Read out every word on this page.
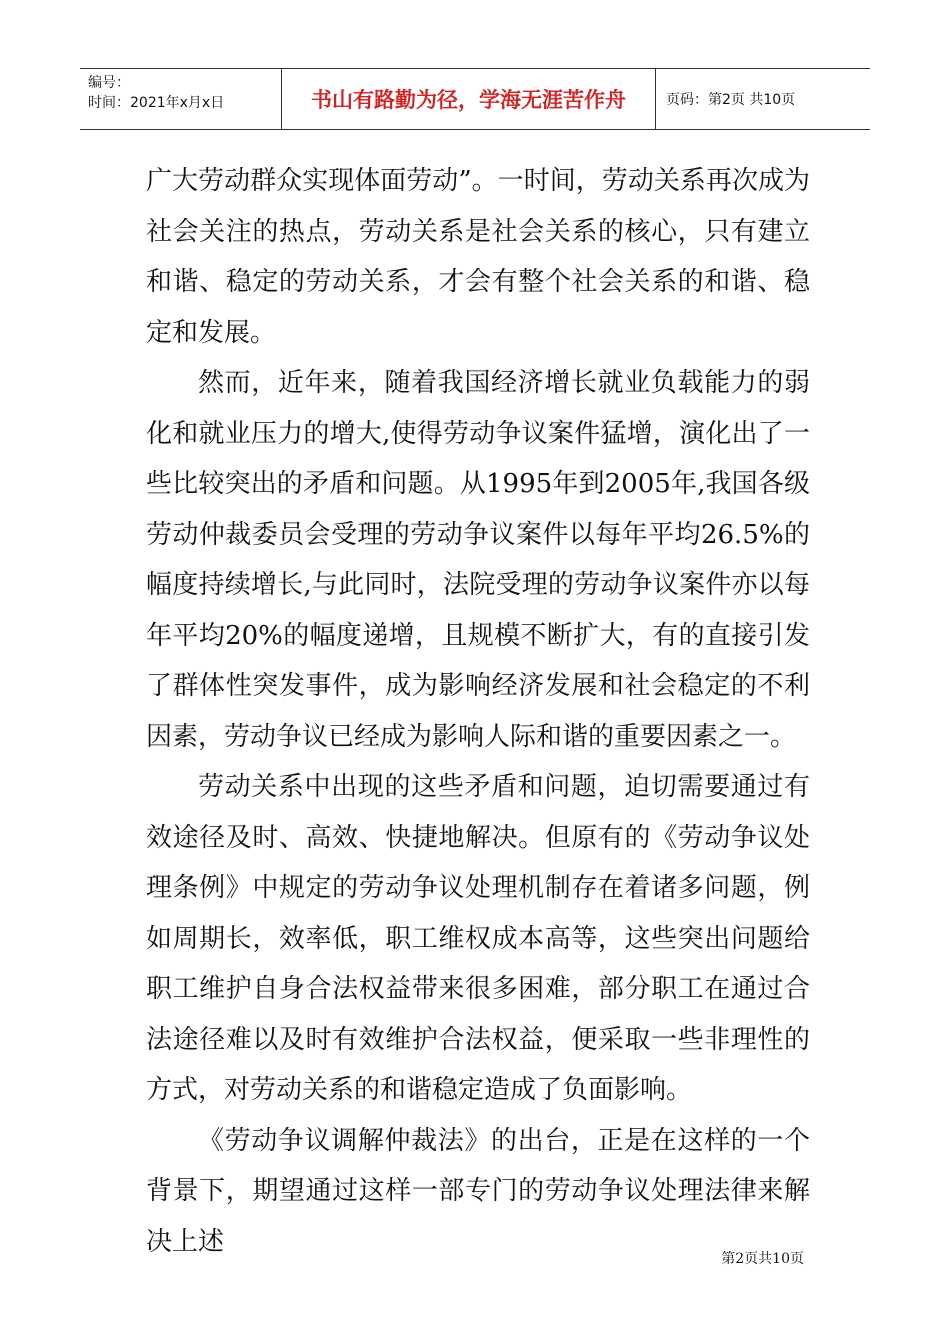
编号：
时间：2021年x月x日	书山有路勤为径，学海无涯苦作舟	页码：第2页 共10页

广大劳动群众实现体面劳动”。一时间，劳动关系再次成为社会关注的热点，劳动关系是社会关系的核心，只有建立和谐、稳定的劳动关系，才会有整个社会关系的和谐、稳定和发展。

然而，近年来，随着我国经济增长就业负载能力的弱化和就业压力的增大,使得劳动争议案件猛增，演化出了一些比较突出的矛盾和问题。从1995年到2005年,我国各级劳动仲裁委员会受理的劳动争议案件以每年平均26.5%的幅度持续增长,与此同时，法院受理的劳动争议案件亦以每年平均20%的幅度递增，且规模不断扩大，有的直接引发了群体性突发事件，成为影响经济发展和社会稳定的不利因素，劳动争议已经成为影响人际和谐的重要因素之一。

劳动关系中出现的这些矛盾和问题，迫切需要通过有效途径及时、高效、快捷地解决。但原有的《劳动争议处理条例》中规定的劳动争议处理机制存在着诸多问题，例如周期长，效率低，职工维权成本高等，这些突出问题给职工维护自身合法权益带来很多困难，部分职工在通过合法途径难以及时有效维护合法权益，便采取一些非理性的方式，对劳动关系的和谐稳定造成了负面影响。

《劳动争议调解仲裁法》的出台，正是在这样的一个背景下，期望通过这样一部专门的劳动争议处理法律来解决上述

第2页共10页
